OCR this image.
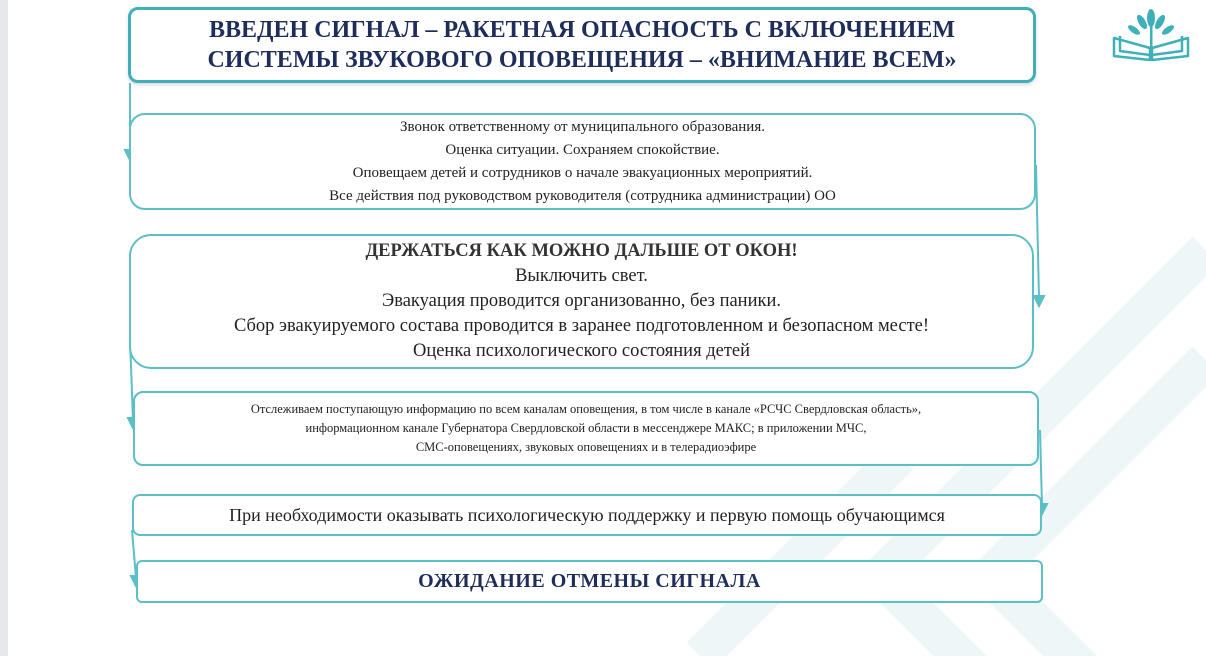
ВВЕДЕН СИГНАЛ – РАКЕТНАЯ ОПАСНОСТЬ С ВКЛЮЧЕНИЕМ
СИСТЕМЫ ЗВУКОВОГО ОПОВЕЩЕНИЯ – «ВНИМАНИЕ ВСЕМ»
Звонок ответственному от муниципального образования.
Оценка ситуации. Сохраняем спокойствие.
Оповещаем детей и сотрудников о начале эвакуационных мероприятий.
Все действия под руководством руководителя (сотрудника администрации) ОО
ДЕРЖАТЬСЯ КАК МОЖНО ДАЛЬШЕ ОТ ОКОН!
Выключить свет.
Эвакуация проводится организованно, без паники.
Сбор эвакуируемого состава проводится в заранее подготовленном и безопасном месте!
Оценка психологического состояния детей
Отслеживаем поступающую информацию по всем каналам оповещения, в том числе в канале «РСЧС Свердловская область»,
информационном канале Губернатора Свердловской области в мессенджере МАКС; в приложении МЧС,
СМС-оповещениях, звуковых оповещениях и в телерадиоэфире
При необходимости оказывать психологическую поддержку и первую помощь обучающимся
ОЖИДАНИЕ ОТМЕНЫ СИГНАЛА
